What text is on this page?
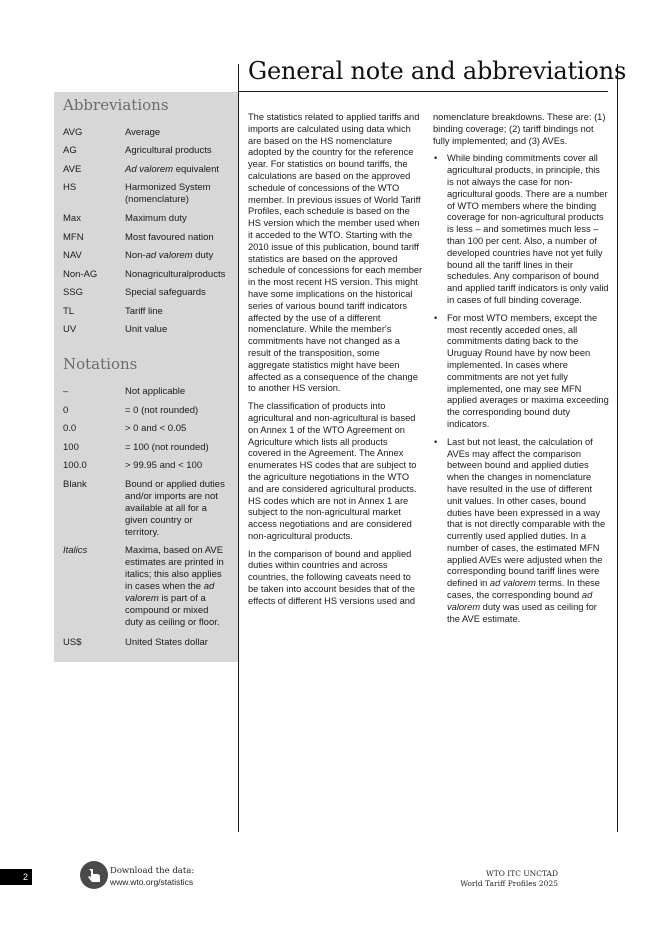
General note and abbreviations
Abbreviations
AVG	Average
AG	Agricultural products
AVE	Ad valorem equivalent
HS	Harmonized System (nomenclature)
Max	Maximum duty
MFN	Most favoured nation
NAV	Non-ad valorem duty
Non-AG	Nonagriculturalproducts
SSG	Special safeguards
TL	Tariff line
UV	Unit value
Notations
–	Not applicable
0	= 0 (not rounded)
0.0	> 0 and < 0.05
100	= 100 (not rounded)
100.0	> 99.95 and < 100
Blank	Bound or applied duties and/or imports are not available at all for a given country or territory.
Italics	Maxima, based on AVE estimates are printed in italics; this also applies in cases when the ad valorem is part of a compound or mixed duty as ceiling or floor.
US$	United States dollar

The statistics related to applied tariffs and imports are calculated using data which are based on the HS nomenclature adopted by the country for the reference year. For statistics on bound tariffs, the calculations are based on the approved schedule of concessions of the WTO member. In previous issues of World Tariff Profiles, each schedule is based on the HS version which the member used when it acceded to the WTO. Starting with the 2010 issue of this publication, bound tariff statistics are based on the approved schedule of concessions for each member in the most recent HS version. This might have some implications on the historical series of various bound tariff indicators affected by the use of a different nomenclature. While the member's commitments have not changed as a result of the transposition, some aggregate statistics might have been affected as a consequence of the change to another HS version.

The classification of products into agricultural and non-agricultural is based on Annex 1 of the WTO Agreement on Agriculture which lists all products covered in the Agreement. The Annex enumerates HS codes that are subject to the agriculture negotiations in the WTO and are considered agricultural products. HS codes which are not in Annex 1 are subject to the non-agricultural market access negotiations and are considered non-agricultural products.

In the comparison of bound and applied duties within countries and across countries, the following caveats need to be taken into account besides that of the effects of different HS versions used and

nomenclature breakdowns. These are: (1) binding coverage; (2) tariff bindings not fully implemented; and (3) AVEs.

• While binding commitments cover all agricultural products, in principle, this is not always the case for non-agricultural goods. There are a number of WTO members where the binding coverage for non-agricultural products is less – and sometimes much less – than 100 per cent. Also, a number of developed countries have not yet fully bound all the tariff lines in their schedules. Any comparison of bound and applied tariff indicators is only valid in cases of full binding coverage.
• For most WTO members, except the most recently acceded ones, all commitments dating back to the Uruguay Round have by now been implemented. In cases where commitments are not yet fully implemented, one may see MFN applied averages or maxima exceeding the corresponding bound duty indicators.
• Last but not least, the calculation of AVEs may affect the comparison between bound and applied duties when the changes in nomenclature have resulted in the use of different unit values. In other cases, bound duties have been expressed in a way that is not directly comparable with the currently used applied duties. In a number of cases, the estimated MFN applied AVEs were adjusted when the corresponding bound tariff lines were defined in ad valorem terms. In these cases, the corresponding bound ad valorem duty was used as ceiling for the AVE estimate.
2
Download the data:
www.wto.org/statistics
WTO ITC UNCTAD
World Tariff Profiles 2025
